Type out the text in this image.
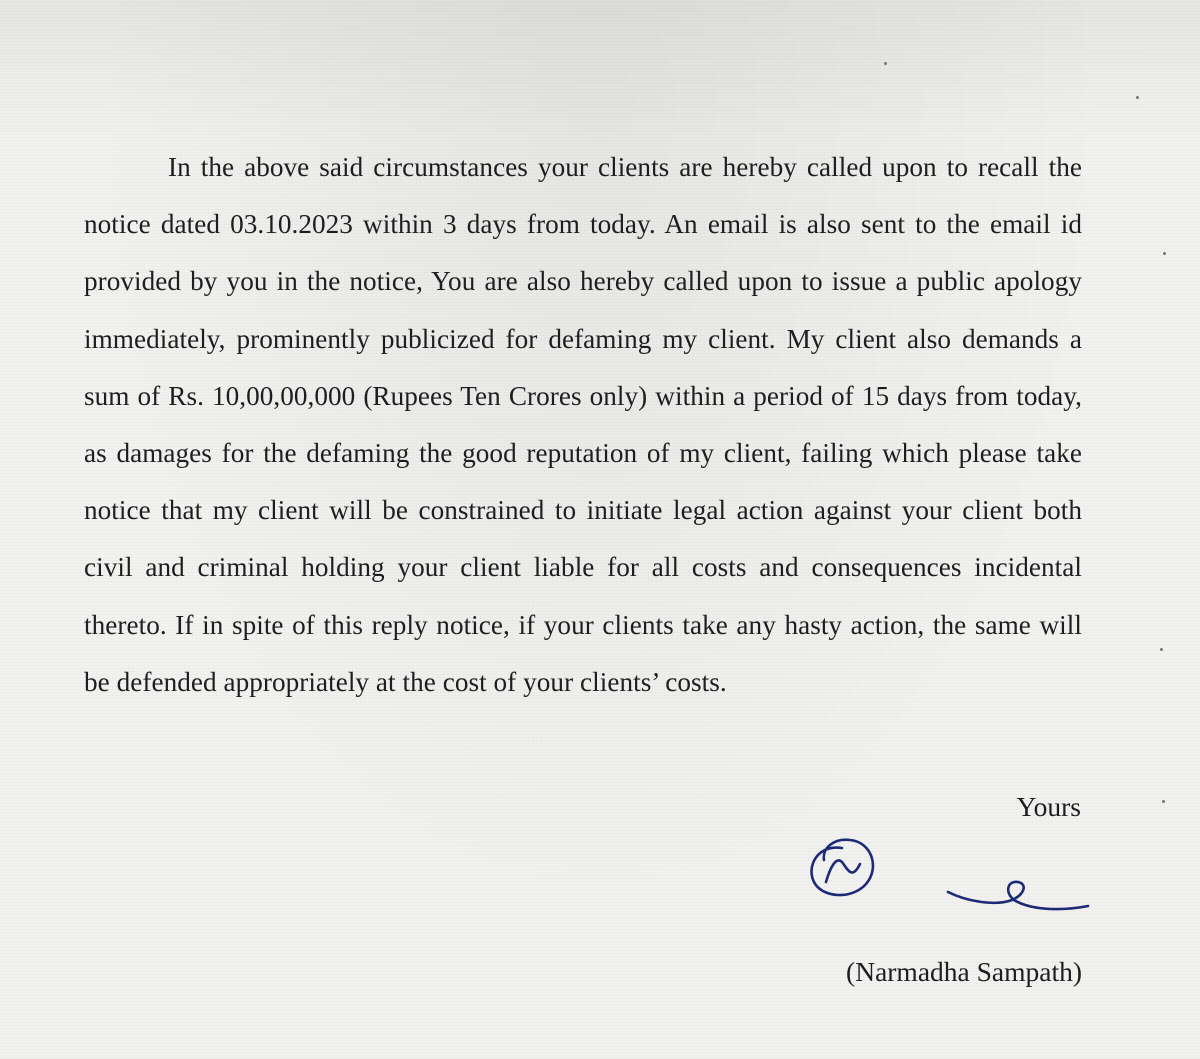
In the above said circumstances your clients are hereby called upon to recall the notice dated 03.10.2023 within 3 days from today. An email is also sent to the email id provided by you in the notice, You are also hereby called upon to issue a public apology immediately, prominently publicized for defaming my client. My client also demands a sum of Rs. 10,00,00,000 (Rupees Ten Crores only) within a period of 15 days from today, as damages for the defaming the good reputation of my client, failing which please take notice that my client will be constrained to initiate legal action against your client both civil and criminal holding your client liable for all costs and consequences incidental thereto. If in spite of this reply notice, if your clients take any hasty action, the same will be defended appropriately at the cost of your clients’ costs.

Yours

(Narmadha Sampath)
